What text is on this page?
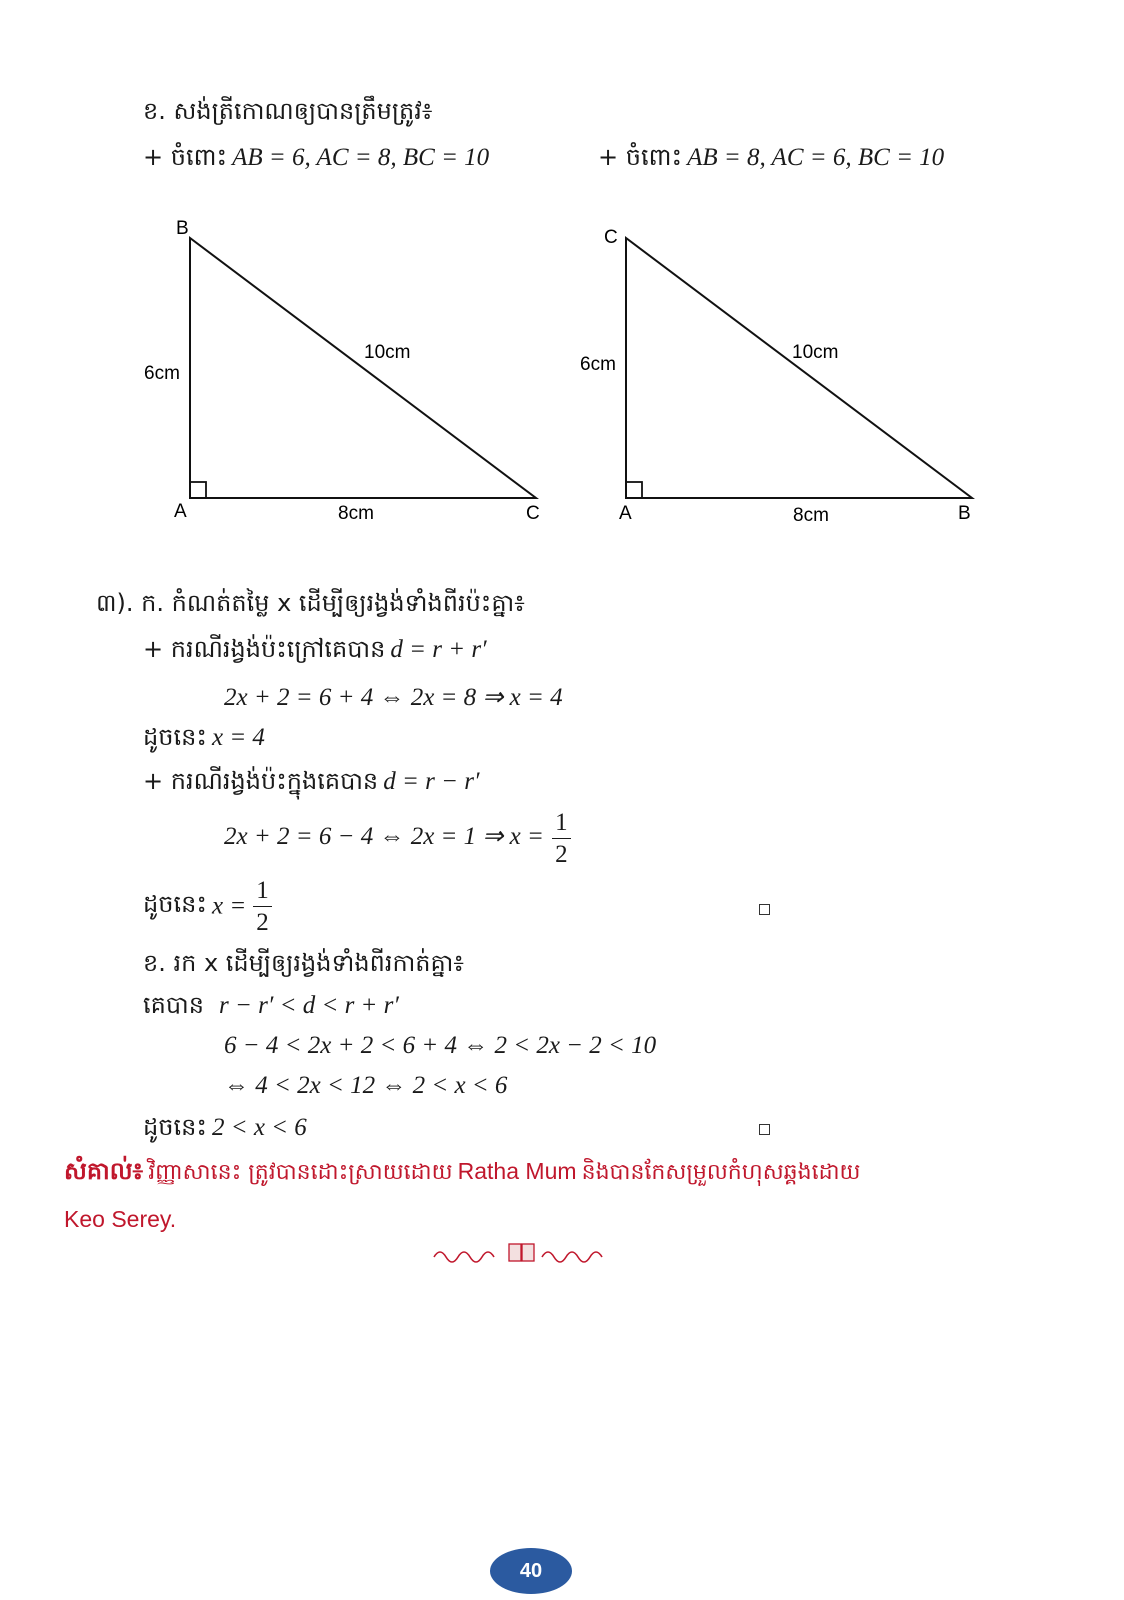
ខ. សង់ត្រីកោណឲ្យបានត្រឹមត្រូវ៖
+ ចំពោះ AB = 6, AC = 8, BC = 10	+ ចំពោះ AB = 8, AC = 6, BC = 10
B
A	C
6cm
8cm
10cm
C
A	B
6cm
8cm
10cm
៣). ក. កំណត់តម្លៃ x ដើម្បីឲ្យរង្វង់ទាំងពីរប៉ះគ្នា៖
+ ករណីរង្វង់ប៉ះក្រៅគេបាន d = r + r′
2x + 2 = 6 + 4 ⇔ 2x = 8 ⇒ x = 4
ដូចនេះ x = 4
+ ករណីរង្វង់ប៉ះក្នុងគេបាន d = r − r′
2x + 2 = 6 − 4 ⇔ 2x = 1 ⇒ $x = \frac{1}{2}$
ដូចនេះ $x = \frac{1}{2}$
ខ. រក x ដើម្បីឲ្យរង្វង់ទាំងពីរកាត់គ្នា៖
គេបាន r − r′ < d < r + r′
6 − 4 < 2x + 2 < 6 + 4 ⇔ 2 < 2x − 2 < 10
⇔ 4 < 2x < 12 ⇔ 2 < x < 6
ដូចនេះ 2 < x < 6
សំគាល់៖ វិញ្ញាសានេះ ត្រូវបានដោះស្រាយដោយ Ratha Mum និងបានកែសម្រួលកំហុសឆ្គងដោយ
Keo Serey.
40
